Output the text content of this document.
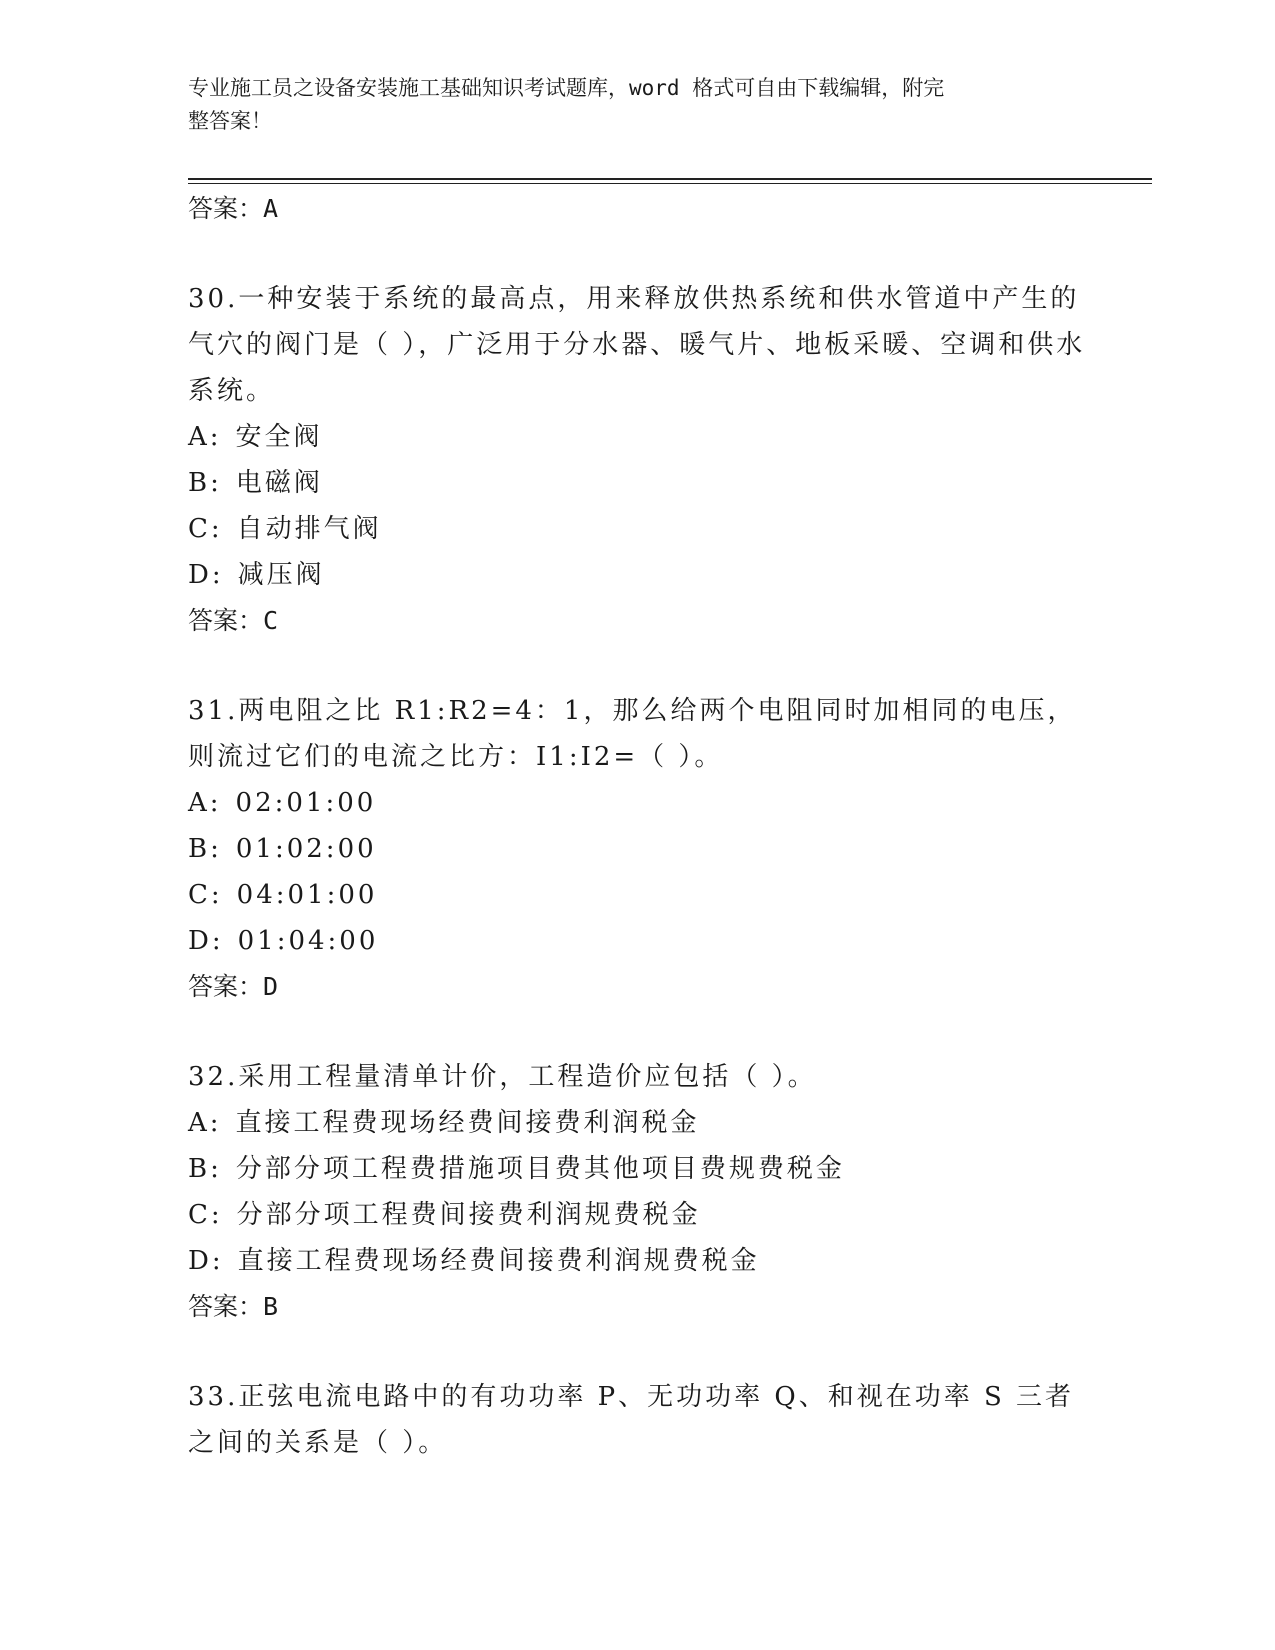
专业施工员之设备安装施工基础知识考试题库，word 格式可自由下载编辑，附完
整答案！
答案：A

30.一种安装于系统的最高点，用来释放供热系统和供水管道中产生的气穴的阀门是（ ），广泛用于分水器、暖气片、地板采暖、空调和供水系统。

A: 安全阀
B: 电磁阀
C: 自动排气阀
D: 减压阀
答案：C

31.两电阻之比 R1:R2=4：1，那么给两个电阻同时加相同的电压，则流过它们的电流之比方：I1:I2=（ ）。

A: 02:01:00
B: 01:02:00
C: 04:01:00
D: 01:04:00
答案：D

32.采用工程量清单计价，工程造价应包括（ ）。

A: 直接工程费现场经费间接费利润税金
B: 分部分项工程费措施项目费其他项目费规费税金
C: 分部分项工程费间接费利润规费税金
D: 直接工程费现场经费间接费利润规费税金
答案：B

33.正弦电流电路中的有功功率 P、无功功率 Q、和视在功率 S 三者之间的关系是（ ）。
